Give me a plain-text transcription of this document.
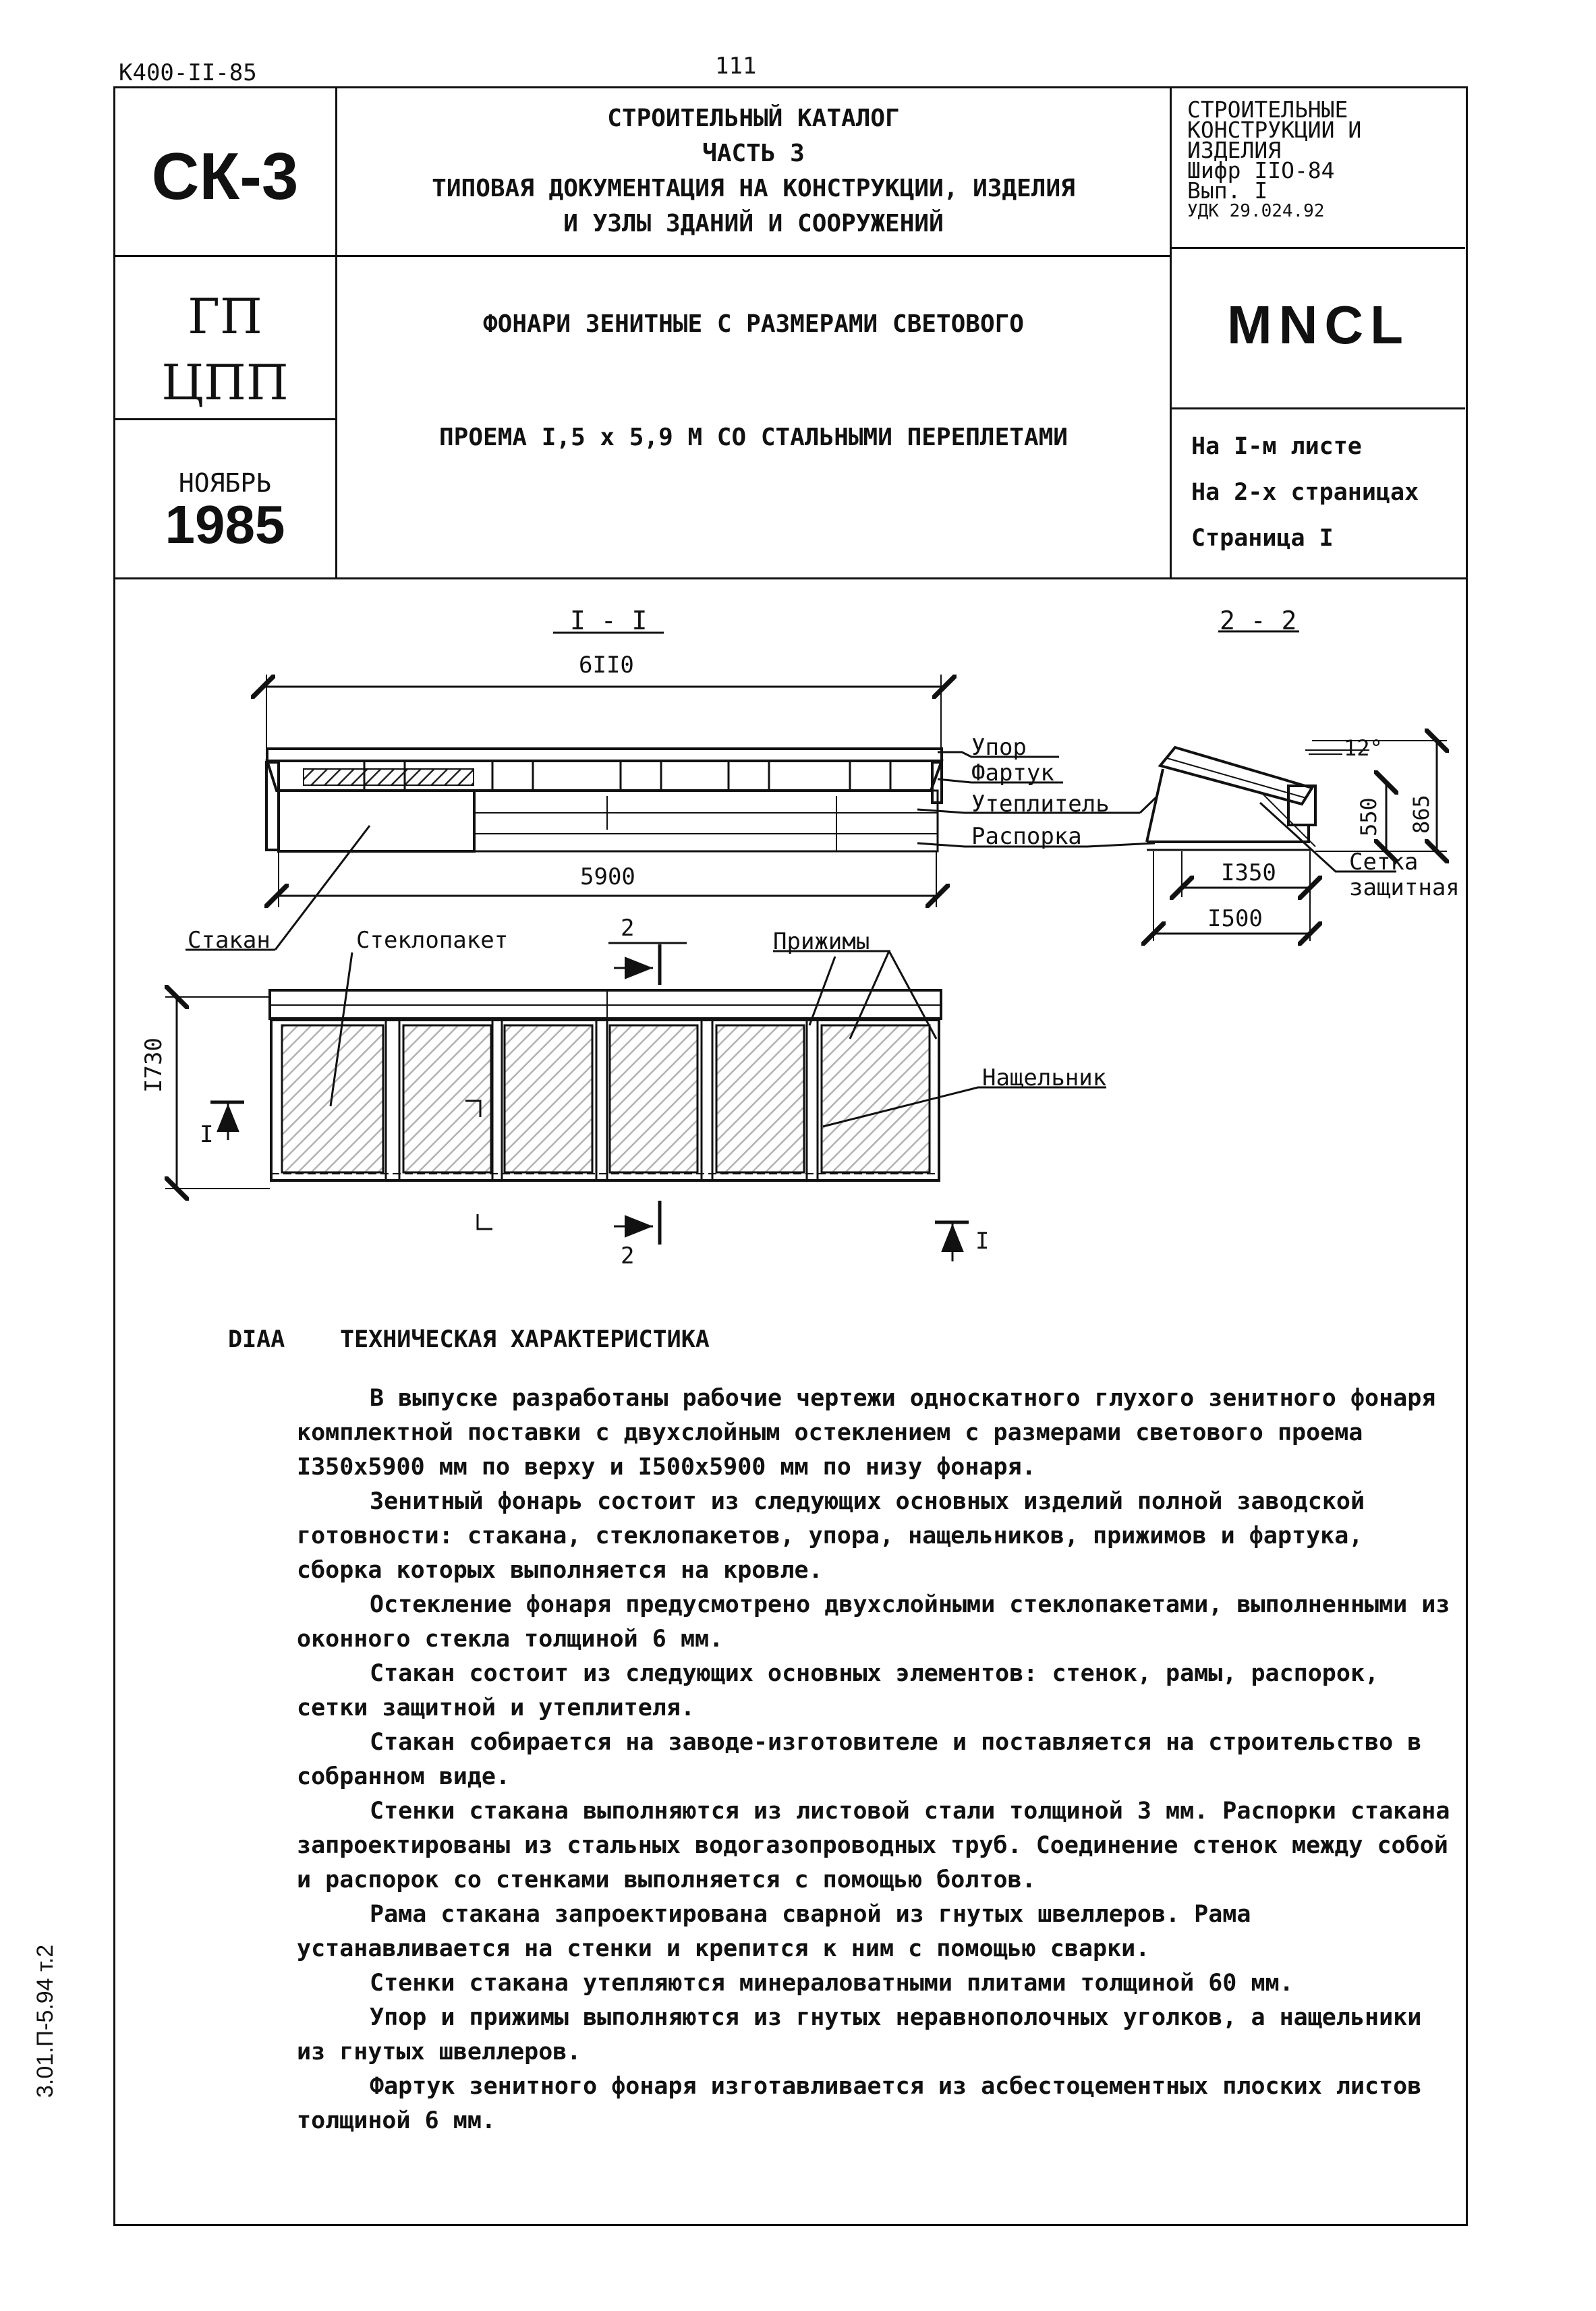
К400-II-85	111
3.01.П-5.94 т.2
СК-3
СТРОИТЕЛЬНЫЙ КАТАЛОГ
ЧАСТЬ 3
ТИПОВАЯ ДОКУМЕНТАЦИЯ НА КОНСТРУКЦИИ, ИЗДЕЛИЯ
И УЗЛЫ ЗДАНИЙ И СООРУЖЕНИЙ
СТРОИТЕЛЬНЫЕ
КОНСТРУКЦИИ И
ИЗДЕЛИЯ
Шифр IIO-84
Вып. I
УДК 29.024.92
ГП
ЦПП
ФОНАРИ ЗЕНИТНЫЕ С РАЗМЕРАМИ СВЕТОВОГО
ПРОЕМА I,5 x 5,9 M СО СТАЛЬНЫМИ ПЕРЕПЛЕТАМИ
MNCL
НОЯБРЬ
1985
На I-м листе
На 2-х страницах
Страница I
I - I	2 - 2
6II0
5900
I730
I350
I500
550 865
12°
Упор
Фартук
Утеплитель
Распорка
Сетка
защитная
Стакан	Стеклопакет	Прижимы
Нащельник
2
2
I
I
DIAA ТЕХНИЧЕСКАЯ ХАРАКТЕРИСТИКА

В выпуске разработаны рабочие чертежи односкатного глухого зенитного фонаря комплектной поставки с двухслойным остеклением с размерами светового проема I350x5900 мм по верху и I500x5900 мм по низу фонаря.

Зенитный фонарь состоит из следующих основных изделий полной заводской готовности: стакана, стеклопакетов, упора, нащельников, прижимов и фартука, сборка которых выполняется на кровле.

Остекление фонаря предусмотрено двухслойными стеклопакетами, выполненными из оконного стекла толщиной 6 мм.

Стакан состоит из следующих основных элементов: стенок, рамы, распорок, сетки защитной и утеплителя.

Стакан собирается на заводе-изготовителе и поставляется на строительство в собранном виде.

Стенки стакана выполняются из листовой стали толщиной 3 мм. Распорки стакана запроектированы из стальных водогазопроводных труб. Соединение стенок между собой и распорок со стенками выполняется с помощью болтов.

Рама стакана запроектирована сварной из гнутых швеллеров. Рама устанавливается на стенки и крепится к ним с помощью сварки.

Стенки стакана утепляются минераловатными плитами толщиной 60 мм.

Упор и прижимы выполняются из гнутых неравнополочных уголков, а нащельники из гнутых швеллеров.

Фартук зенитного фонаря изготавливается из асбестоцементных плоских листов толщиной 6 мм.
